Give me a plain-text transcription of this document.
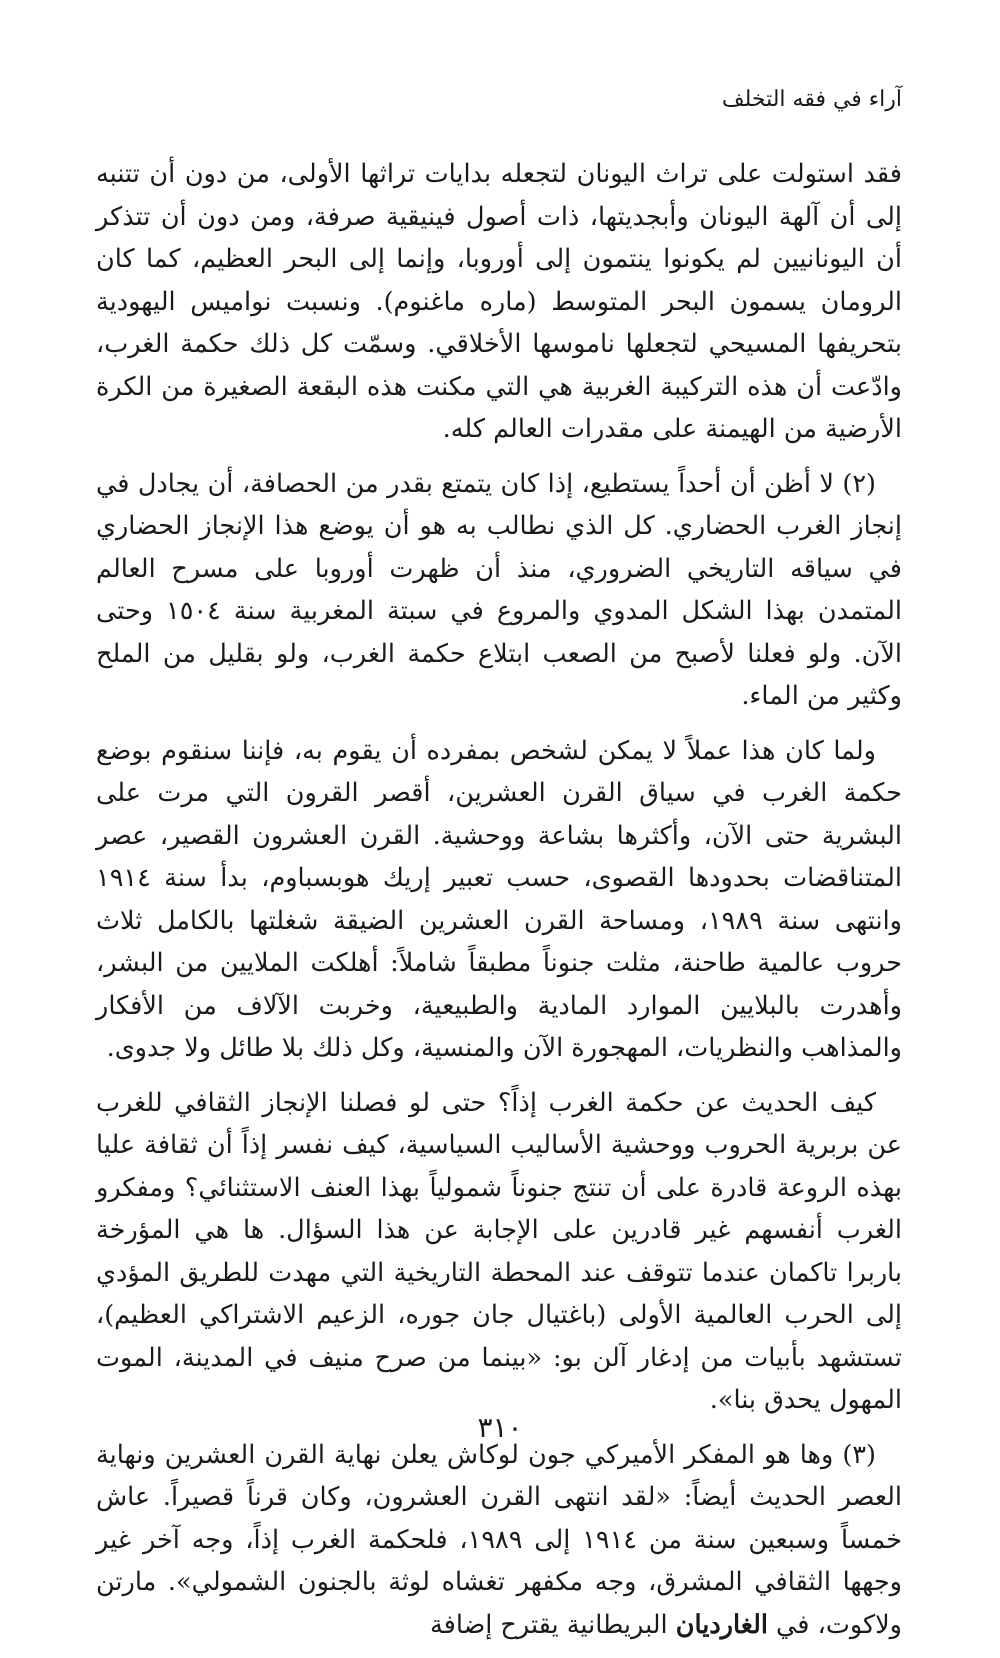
آراء في فقه التخلف

فقد استولت على تراث اليونان لتجعله بدايات تراثها الأولى، من دون أن تتنبه إلى أن آلهة اليونان وأبجديتها، ذات أصول فينيقية صرفة، ومن دون أن تتذكر أن اليونانيين لم يكونوا ينتمون إلى أوروبا، وإنما إلى البحر العظيم، كما كان الرومان يسمون البحر المتوسط (ماره ماغنوم). ونسبت نواميس اليهودية بتحريفها المسيحي لتجعلها ناموسها الأخلاقي. وسمّت كل ذلك حكمة الغرب، وادّعت أن هذه التركيبة الغربية هي التي مكنت هذه البقعة الصغيرة من الكرة الأرضية من الهيمنة على مقدرات العالم كله.

(٢) لا أظن أن أحداً يستطيع، إذا كان يتمتع بقدر من الحصافة، أن يجادل في إنجاز الغرب الحضاري. كل الذي نطالب به هو أن يوضع هذا الإنجاز الحضاري في سياقه التاريخي الضروري، منذ أن ظهرت أوروبا على مسرح العالم المتمدن بهذا الشكل المدوي والمروع في سبتة المغربية سنة ١٥٠٤ وحتى الآن. ولو فعلنا لأصبح من الصعب ابتلاع حكمة الغرب، ولو بقليل من الملح وكثير من الماء.

ولما كان هذا عملاً لا يمكن لشخص بمفرده أن يقوم به، فإننا سنقوم بوضع حكمة الغرب في سياق القرن العشرين، أقصر القرون التي مرت على البشرية حتى الآن، وأكثرها بشاعة ووحشية. القرن العشرون القصير، عصر المتناقضات بحدودها القصوى، حسب تعبير إريك هوبسباوم، بدأ سنة ١٩١٤ وانتهى سنة ١٩٨٩، ومساحة القرن العشرين الضيقة شغلتها بالكامل ثلاث حروب عالمية طاحنة، مثلت جنوناً مطبقاً شاملاً: أهلكت الملايين من البشر، وأهدرت بالبلايين الموارد المادية والطبيعية، وخربت الآلاف من الأفكار والمذاهب والنظريات، المهجورة الآن والمنسية، وكل ذلك بلا طائل ولا جدوى.

كيف الحديث عن حكمة الغرب إذاً؟ حتى لو فصلنا الإنجاز الثقافي للغرب عن بربرية الحروب ووحشية الأساليب السياسية، كيف نفسر إذاً أن ثقافة عليا بهذه الروعة قادرة على أن تنتج جنوناً شمولياً بهذا العنف الاستثنائي؟ ومفكرو الغرب أنفسهم غير قادرين على الإجابة عن هذا السؤال. ها هي المؤرخة باربرا تاكمان عندما تتوقف عند المحطة التاريخية التي مهدت للطريق المؤدي إلى الحرب العالمية الأولى (باغتيال جان جوره، الزعيم الاشتراكي العظيم)، تستشهد بأبيات من إدغار آلن بو: «بينما من صرح منيف في المدينة، الموت المهول يحدق بنا».

(٣) وها هو المفكر الأميركي جون لوكاش يعلن نهاية القرن العشرين ونهاية العصر الحديث أيضاً: «لقد انتهى القرن العشرون، وكان قرناً قصيراً. عاش خمساً وسبعين سنة من ١٩١٤ إلى ١٩٨٩، فلحكمة الغرب إذاً، وجه آخر غير وجهها الثقافي المشرق، وجه مكفهر تغشاه لوثة بالجنون الشمولي». مارتن ولاكوت، في الغارديان البريطانية يقترح إضافة

٣١٠
